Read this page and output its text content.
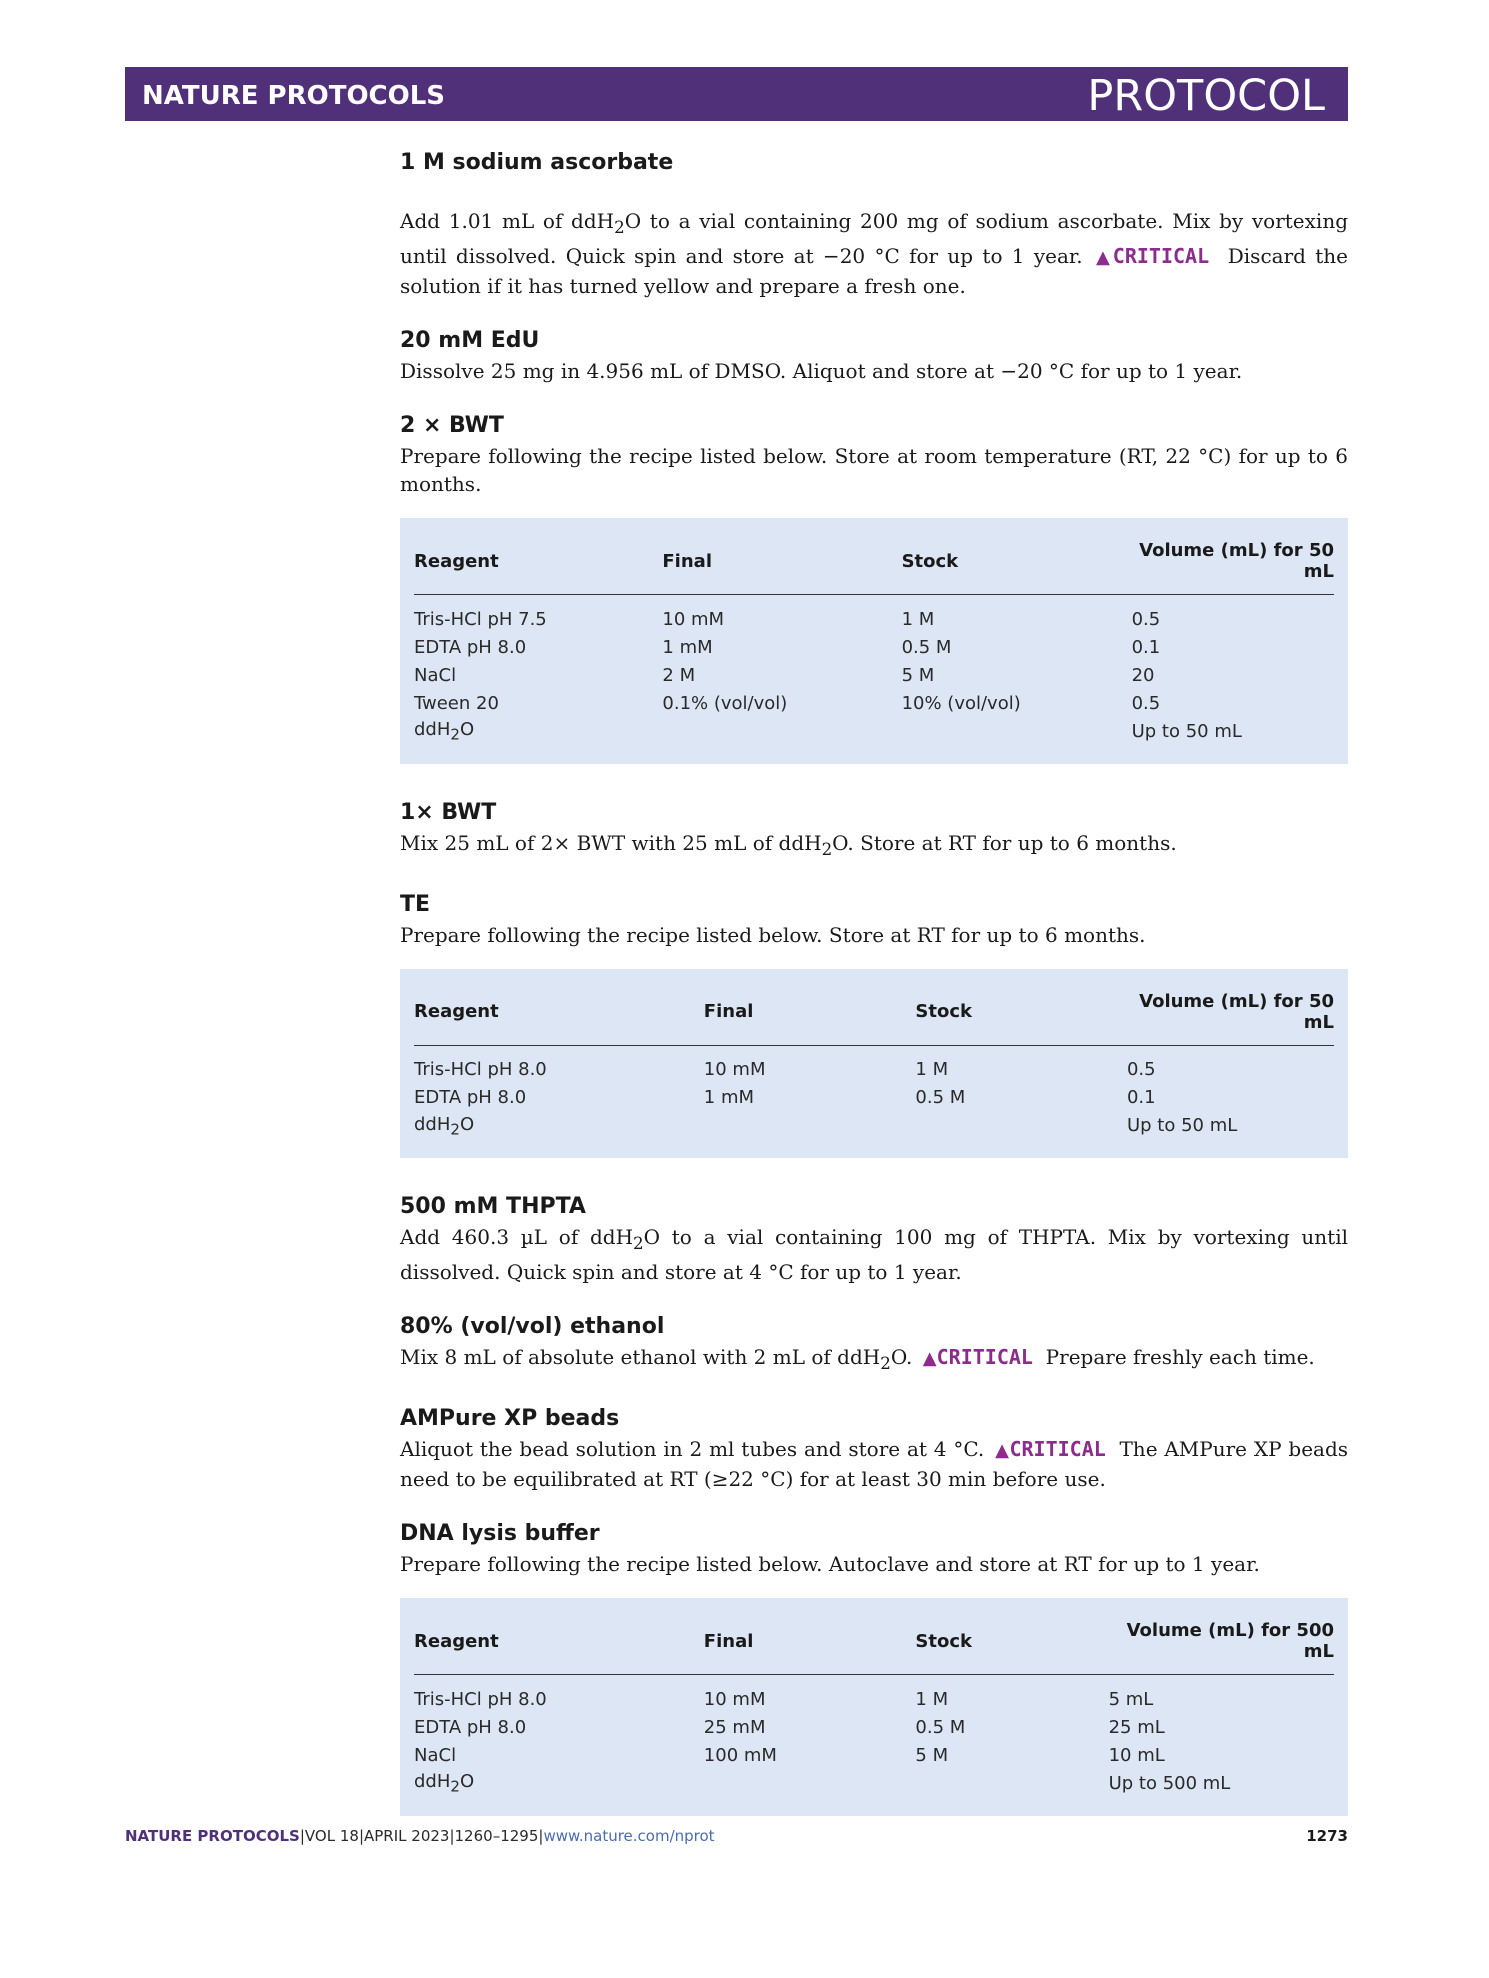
NATURE PROTOCOLS	PROTOCOL
1 M sodium ascorbate
Add 1.01 mL of ddH$_2$O to a vial containing 200 mg of sodium ascorbate. Mix by vortexing until dissolved. Quick spin and store at −20 °C for up to 1 year. ▲CRITICAL Discard the solution if it has turned yellow and prepare a fresh one.
20 mM EdU
Dissolve 25 mg in 4.956 mL of DMSO. Aliquot and store at −20 °C for up to 1 year.
2 × BWT
Prepare following the recipe listed below. Store at room temperature (RT, 22 °C) for up to 6 months.
Reagent	Final	Stock	Volume (mL) for 50 mL
Tris-HCl pH 7.5	10 mM	1 M	0.5
EDTA pH 8.0	1 mM	0.5 M	0.1
NaCl	2 M	5 M	20
Tween 20	0.1% (vol/vol)	10% (vol/vol)	0.5
ddH$_2$O			Up to 50 mL
1× BWT
Mix 25 mL of 2× BWT with 25 mL of ddH$_2$O. Store at RT for up to 6 months.
TE
Prepare following the recipe listed below. Store at RT for up to 6 months.
Reagent	Final	Stock	Volume (mL) for 50 mL
Tris-HCl pH 8.0	10 mM	1 M	0.5
EDTA pH 8.0	1 mM	0.5 M	0.1
ddH$_2$O			Up to 50 mL
500 mM THPTA
Add 460.3 µL of ddH$_2$O to a vial containing 100 mg of THPTA. Mix by vortexing until dissolved. Quick spin and store at 4 °C for up to 1 year.
80% (vol/vol) ethanol
Mix 8 mL of absolute ethanol with 2 mL of ddH$_2$O. ▲CRITICAL Prepare freshly each time.
AMPure XP beads
Aliquot the bead solution in 2 ml tubes and store at 4 °C. ▲CRITICAL The AMPure XP beads need to be equilibrated at RT (≥22 °C) for at least 30 min before use.
DNA lysis buffer
Prepare following the recipe listed below. Autoclave and store at RT for up to 1 year.
Reagent	Final	Stock	Volume (mL) for 500 mL
Tris-HCl pH 8.0	10 mM	1 M	5 mL
EDTA pH 8.0	25 mM	0.5 M	25 mL
NaCl	100 mM	5 M	10 mL
ddH$_2$O			Up to 500 mL
NATURE PROTOCOLS|VOL 18|APRIL 2023|1260–1295|www.nature.com/nprot	1273
